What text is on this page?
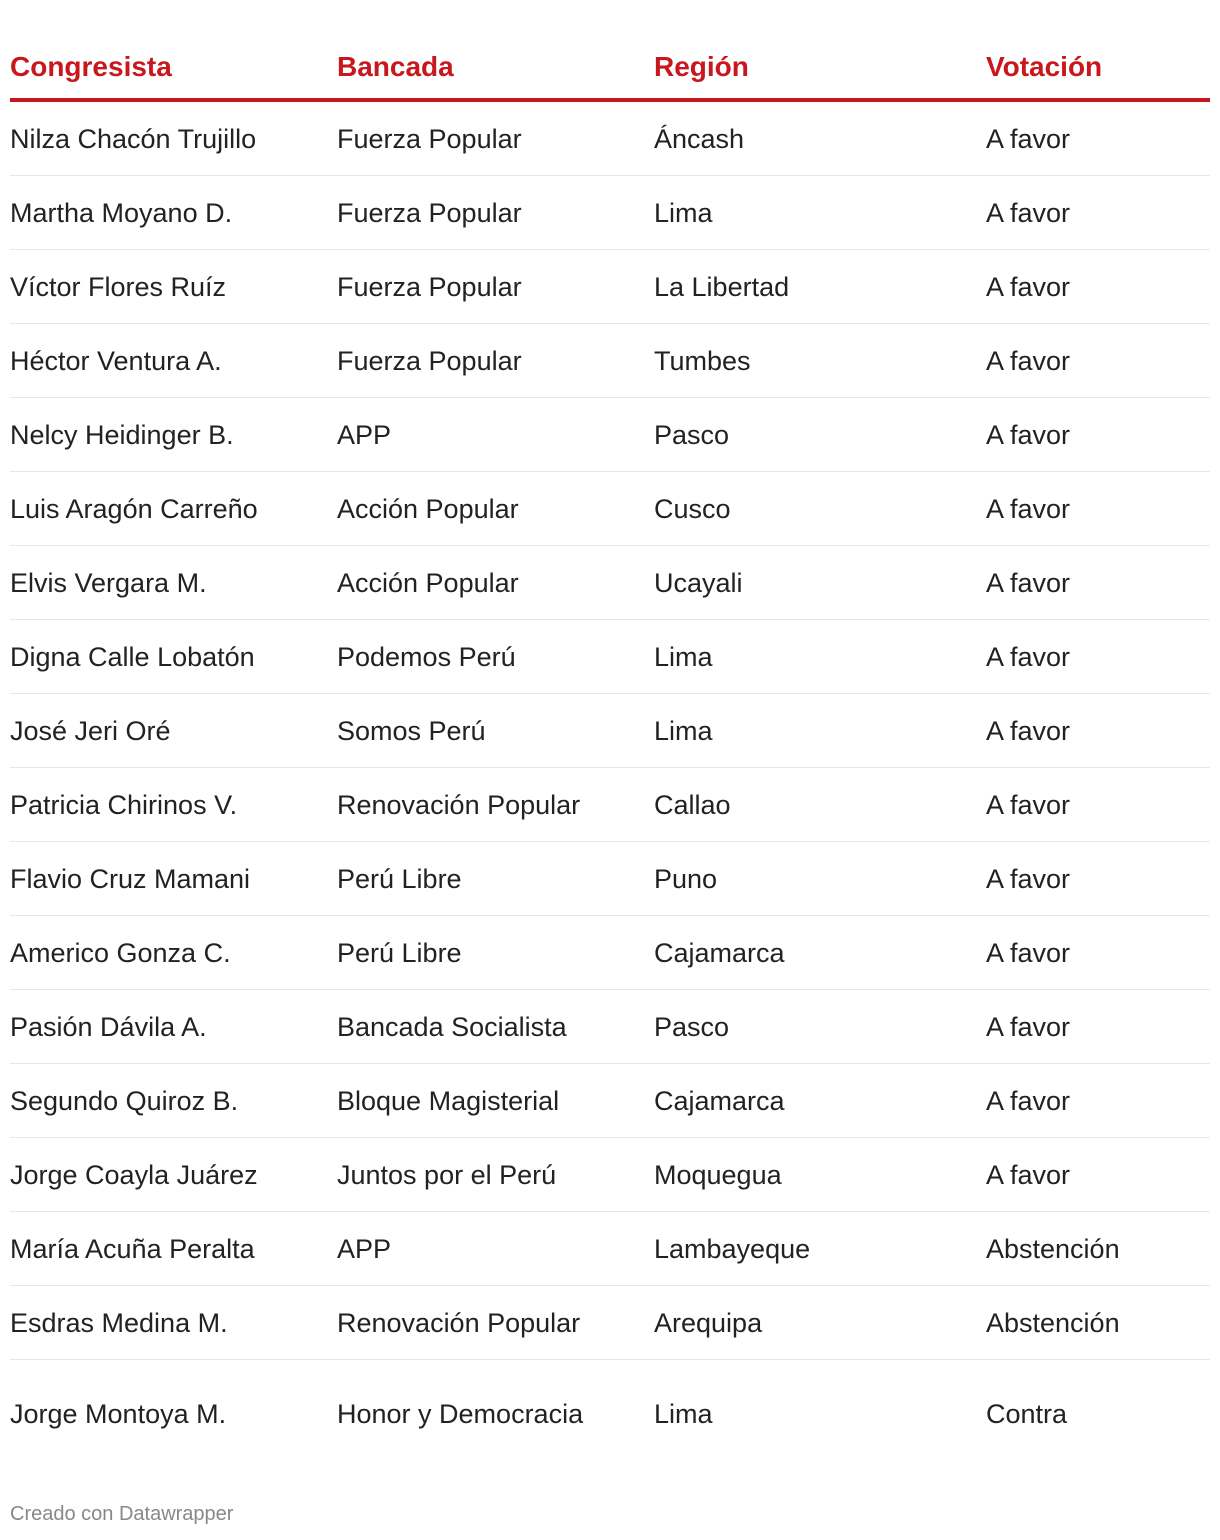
Congresista	Bancada	Región	Votación
Nilza Chacón Trujillo	Fuerza Popular	Áncash	A favor
Martha Moyano D.	Fuerza Popular	Lima	A favor
Víctor Flores Ruíz	Fuerza Popular	La Libertad	A favor
Héctor Ventura A.	Fuerza Popular	Tumbes	A favor
Nelcy Heidinger B.	APP	Pasco	A favor
Luis Aragón Carreño	Acción Popular	Cusco	A favor
Elvis Vergara M.	Acción Popular	Ucayali	A favor
Digna Calle Lobatón	Podemos Perú	Lima	A favor
José Jeri Oré	Somos Perú	Lima	A favor
Patricia Chirinos V.	Renovación Popular	Callao	A favor
Flavio Cruz Mamani	Perú Libre	Puno	A favor
Americo Gonza C.	Perú Libre	Cajamarca	A favor
Pasión Dávila A.	Bancada Socialista	Pasco	A favor
Segundo Quiroz B.	Bloque Magisterial	Cajamarca	A favor
Jorge Coayla Juárez	Juntos por el Perú	Moquegua	A favor
María Acuña Peralta	APP	Lambayeque	Abstención
Esdras Medina M.	Renovación Popular	Arequipa	Abstención
Jorge Montoya M.	Honor y Democracia	Lima	Contra
Creado con Datawrapper
